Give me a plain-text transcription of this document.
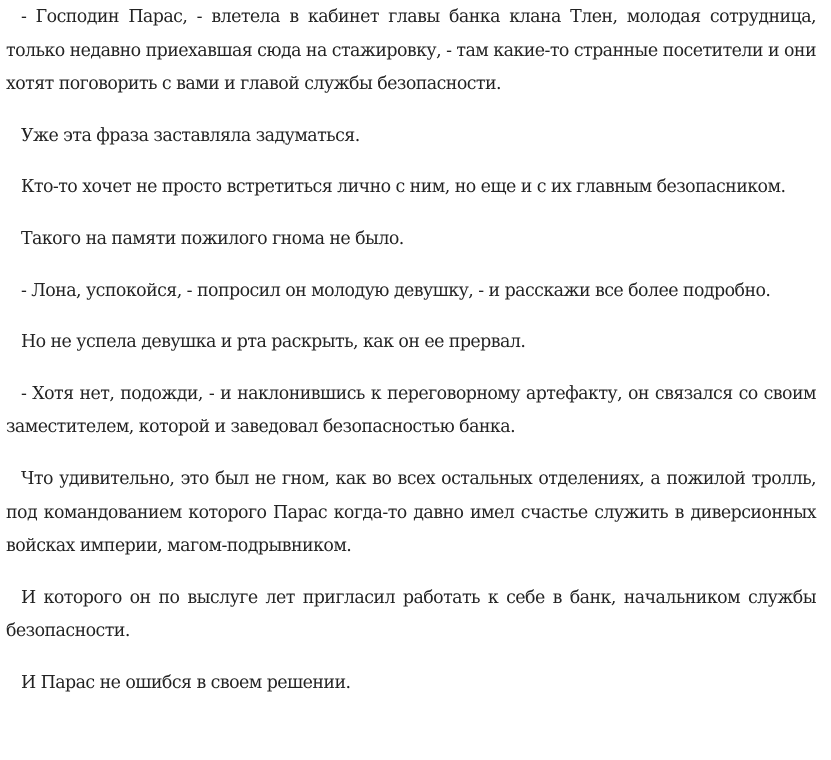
- Господин Парас, - влетела в кабинет главы банка клана Тлен, молодая сотрудница, только недавно приехавшая сюда на стажировку, - там какие-то странные посетители и они хотят поговорить с вами и главой службы безопасности.

Уже эта фраза заставляла задуматься.

Кто-то хочет не просто встретиться лично с ним, но еще и с их главным безопасником.

Такого на памяти пожилого гнома не было.

- Лона, успокойся, - попросил он молодую девушку, - и расскажи все более подробно.

Но не успела девушка и рта раскрыть, как он ее прервал.

- Хотя нет, подожди, - и наклонившись к переговорному артефакту, он связался со своим заместителем, которой и заведовал безопасностью банка.

Что удивительно, это был не гном, как во всех остальных отделениях, а пожилой тролль, под командованием которого Парас когда-то давно имел счастье служить в диверсионных войсках империи, магом-подрывником.

И которого он по выслуге лет пригласил работать к себе в банк, начальником службы безопасности.

И Парас не ошибся в своем решении.
